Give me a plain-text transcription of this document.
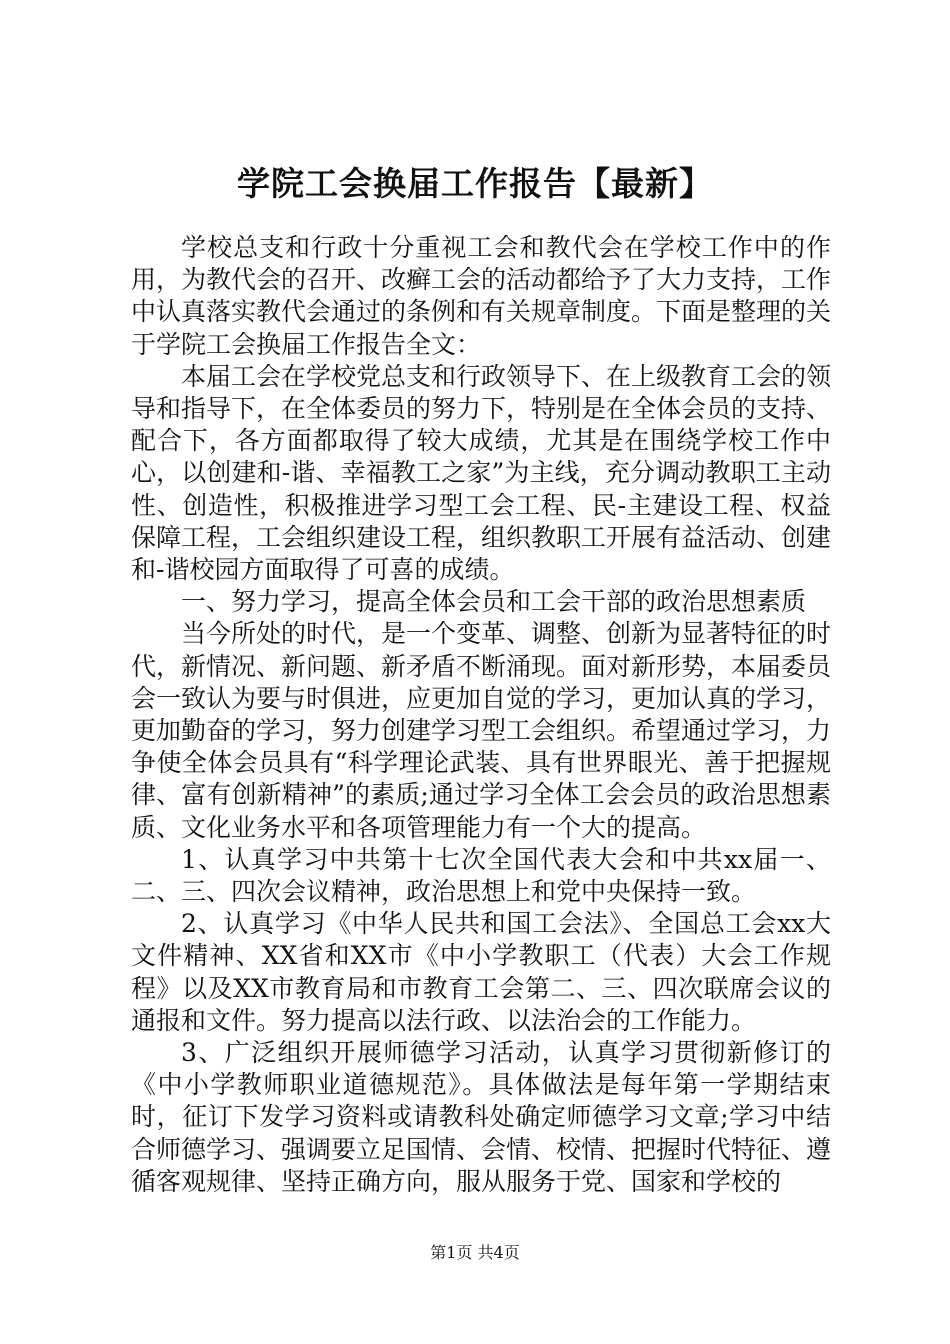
学院工会换届工作报告【最新】

学校总支和行政十分重视工会和教代会在学校工作中的作用，为教代会的召开、改癣工会的活动都给予了大力支持，工作中认真落实教代会通过的条例和有关规章制度。下面是整理的关于学院工会换届工作报告全文：

本届工会在学校党总支和行政领导下、在上级教育工会的领导和指导下，在全体委员的努力下，特别是在全体会员的支持、配合下，各方面都取得了较大成绩，尤其是在围绕学校工作中心，以创建和-谐、幸福教工之家”为主线，充分调动教职工主动性、创造性，积极推进学习型工会工程、民-主建设工程、权益保障工程，工会组织建设工程，组织教职工开展有益活动、创建和-谐校园方面取得了可喜的成绩。

一、努力学习，提高全体会员和工会干部的政治思想素质

当今所处的时代，是一个变革、调整、创新为显著特征的时代，新情况、新问题、新矛盾不断涌现。面对新形势，本届委员会一致认为要与时俱进，应更加自觉的学习，更加认真的学习，更加勤奋的学习，努力创建学习型工会组织。希望通过学习，力争使全体会员具有“科学理论武装、具有世界眼光、善于把握规律、富有创新精神”的素质;通过学习全体工会会员的政治思想素质、文化业务水平和各项管理能力有一个大的提高。

1、认真学习中共第十七次全国代表大会和中共xx届一、二、三、四次会议精神，政治思想上和党中央保持一致。

2、认真学习《中华人民共和国工会法》、全国总工会xx大文件精神、XX省和XX市《中小学教职工（代表）大会工作规程》以及XX市教育局和市教育工会第二、三、四次联席会议的通报和文件。努力提高以法行政、以法治会的工作能力。

3、广泛组织开展师德学习活动，认真学习贯彻新修订的《中小学教师职业道德规范》。具体做法是每年第一学期结束时，征订下发学习资料或请教科处确定师德学习文章;学习中结合师德学习、强调要立足国情、会情、校情、把握时代特征、遵循客观规律、坚持正确方向，服从服务于党、国家和学校的

第1页 共4页
